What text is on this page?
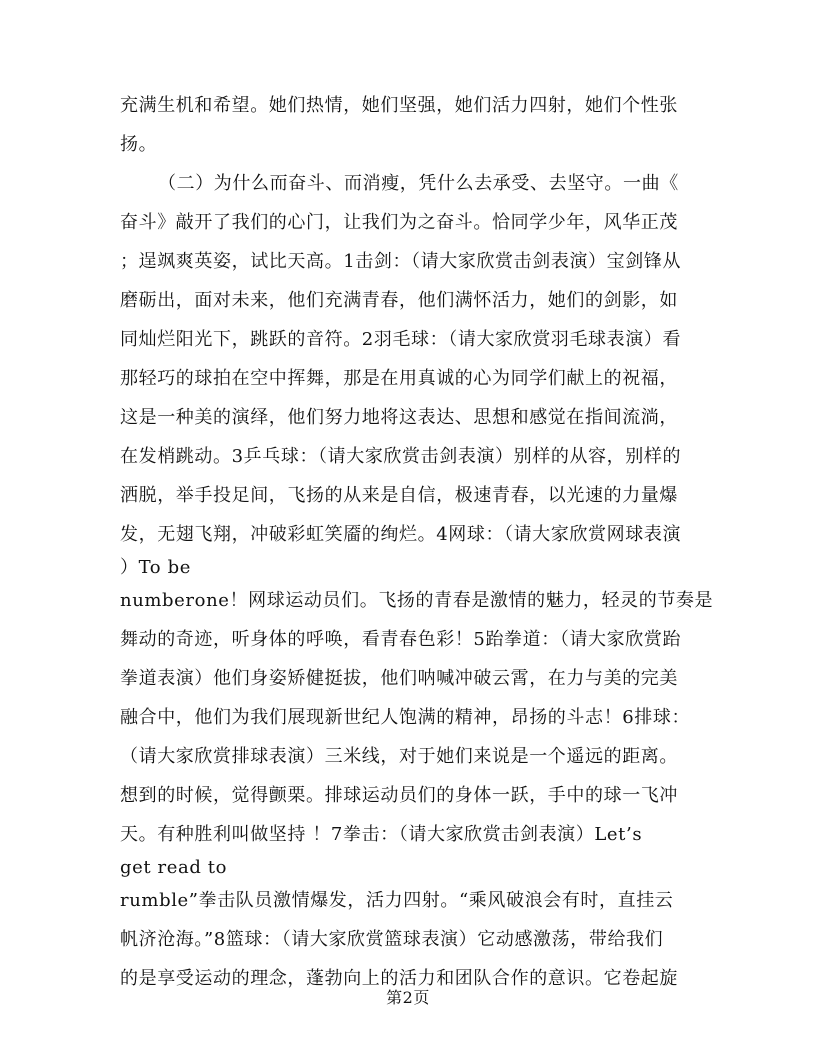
充满生机和希望。她们热情，她们坚强，她们活力四射，她们个性张
扬。
（二）为什么而奋斗、而消瘦，凭什么去承受、去坚守。一曲《
奋斗》敲开了我们的心门，让我们为之奋斗。恰同学少年，风华正茂
；逞飒爽英姿，试比天高。1击剑：（请大家欣赏击剑表演）宝剑锋从
磨砺出，面对未来，他们充满青春，他们满怀活力，她们的剑影，如
同灿烂阳光下，跳跃的音符。2羽毛球：（请大家欣赏羽毛球表演）看
那轻巧的球拍在空中挥舞，那是在用真诚的心为同学们献上的祝福，
这是一种美的演绎，他们努力地将这表达、思想和感觉在指间流淌，
在发梢跳动。3乒乓球：（请大家欣赏击剑表演）别样的从容，别样的
洒脱，举手投足间，飞扬的从来是自信，极速青春，以光速的力量爆
发，无翅飞翔，冲破彩虹笑靥的绚烂。4网球：（请大家欣赏网球表演
）To be
numberone！网球运动员们。飞扬的青春是激情的魅力，轻灵的节奏是
舞动的奇迹，听身体的呼唤，看青春色彩！5跆拳道：（请大家欣赏跆
拳道表演）他们身姿矫健挺拔，他们呐喊冲破云霄，在力与美的完美
融合中，他们为我们展现新世纪人饱满的精神，昂扬的斗志！6排球：
（请大家欣赏排球表演）三米线，对于她们来说是一个遥远的距离。
想到的时候，觉得颤栗。排球运动员们的身体一跃，手中的球一飞冲
天。有种胜利叫做坚持 ！7拳击：（请大家欣赏击剑表演）Let’s
get read to
rumble”拳击队员激情爆发，活力四射。“乘风破浪会有时，直挂云
帆济沧海。”8篮球：（请大家欣赏篮球表演）它动感激荡，带给我们
的是享受运动的理念，蓬勃向上的活力和团队合作的意识。它卷起旋
第2页
